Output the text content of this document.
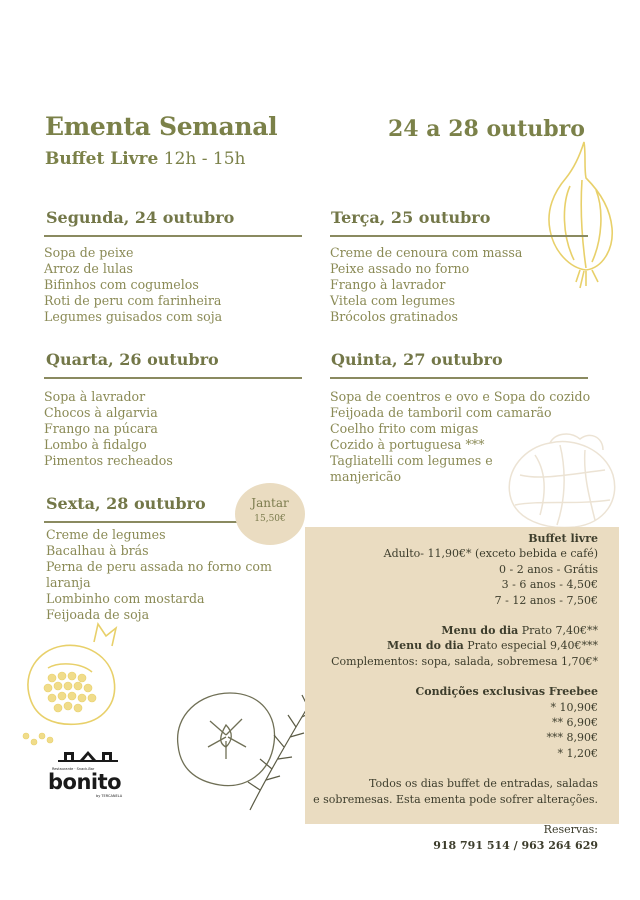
Ementa Semanal
Buffet Livre 12h - 15h
24 a 28 outubro
Segunda, 24 outubro
Sopa de peixe
Arroz de lulas
Bifinhos com cogumelos
Roti de peru com farinheira
Legumes guisados com soja
Terça, 25 outubro
Creme de cenoura com massa
Peixe assado no forno
Frango à lavrador
Vitela com legumes
Brócolos gratinados
Quarta, 26 outubro
Sopa à lavrador
Chocos à algarvia
Frango na púcara
Lombo à fidalgo
Pimentos recheados
Quinta, 27 outubro
Sopa de coentros e ovo e Sopa do cozido
Feijoada de tamboril com camarão
Coelho frito com migas
Cozido à portuguesa ***
Tagliatelli com legumes e
manjericão
Sexta, 28 outubro
Creme de legumes
Bacalhau à brás
Perna de peru assada no forno com
laranja
Lombinho com mostarda
Feijoada de soja
Jantar
15,50€
Buffet livre
Adulto- 11,90€* (exceto bebida e café)
0 - 2 anos - Grátis
3 - 6 anos - 4,50€
7 - 12 anos - 7,50€
Menu do dia Prato 7,40€**
Menu do dia Prato especial 9,40€***
Complementos: sopa, salada, sobremesa 1,70€*
Condições exclusivas Freebee
* 10,90€
** 6,90€
*** 8,90€
* 1,20€
Todos os dias buffet de entradas, saladas
e sobremesas. Esta ementa pode sofrer alterações.
Reservas:
918 791 514 / 963 264 629
Restaurante · Snack-Bar
bonito
by TERCANELA
